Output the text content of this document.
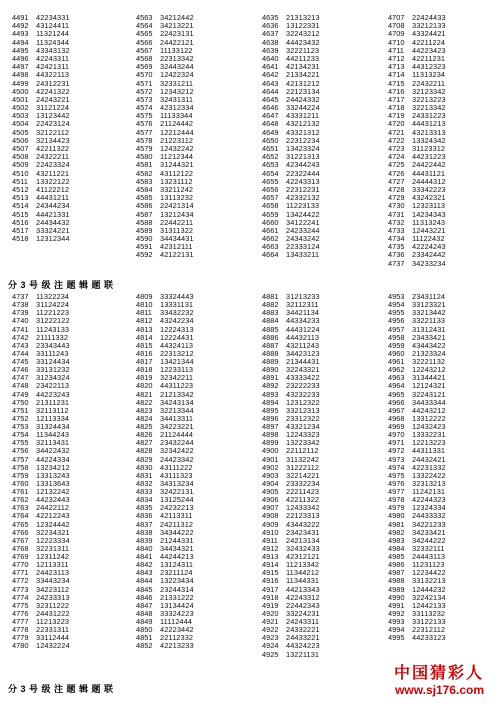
4491	42234331
4492	43124411
4493	11321244
4494	11324344
4495	43343132
4496	42243311
4497	42421311
4498	44322113
4499	24312231
4500	42241322
4501	24243221
4502	31121224
4503	13123442
4504	22423124
4505	32122112
4506	32134423
4507	42211322
4508	24322211
4509	22423324
4510	43211221
4511	13322122
4512	41122212
4513	44431211
4514	24344234
4515	44421331
4516	24434432
4517	33324221
4518	12312344
4563	34212442
4564	34213221
4565	22423131
4566	24422121
4567	11133122
4568	22313342
4569	32443244
4570	12422324
4571	32331211
4572	12343212
4573	32431311
4574	42312334
4575	11133344
4576	21124442
4577	12212444
4578	21223112
4579	12432242
4580	11212344
4581	31244321
4582	43112122
4583	13231112
4584	33211242
4585	13113232
4586	22421314
4587	13212434
4588	22442211
4589	31311322
4590	34434431
4591	42312111
4592	42122131
4635	21313213
4636	13122331
4637	32243212
4638	44423432
4639	32221123
4640	44211233
4641	42134231
4642	21334221
4643	42131212
4644	22123134
4645	24424332
4646	33244224
4647	43331211
4648	43212132
4649	43321312
4650	22312234
4651	13423324
4652	31221313
4653	42344243
4654	22322444
4655	42243313
4656	22312231
4657	42332132
4658	11223133
4659	13424422
4660	34122241
4661	24233244
4662	24343242
4663	22333124
4664	13433211
4707	22424433
4708	33212133
4709	43324421
4710	42211224
4711	44223423
4712	42211231
4713	44312323
4714	11313234
4715	22432211
4716	32123342
4717	32213223
4718	32213342
4719	24331223
4720	44431213
4721	43213313
4722	13324342
4723	31123312
4724	44231223
4725	24422442
4726	44431121
4727	24444312
4728	33342223
4729	43242321
4730	12323113
4731	14234343
4732	11313243
4733	12443221
4734	11122432
4735	42224243
4736	23342442
4737	34233234
分 3 号 级 注 题 辑 题 联
4737	11322234
4738	31124224
4739	11221223
4740	31222122
4741	11243133
4742	21111332
4743	23343443
4744	33111243
4745	33124434
4746	33131232
4747	31234324
4748	23422113
4749	44223243
4750	21311231
4751	32113112
4752	12113334
4753	31324434
4754	11344243
4755	32113431
4756	34422432
4757	44224334
4758	13234212
4759	13313243
4760	13313643
4761	12132242
4762	44232443
4763	24422112
4764	42212243
4765	12324442
4766	32234321
4767	12223334
4768	32231311
4769	12311242
4770	12113311
4771	24423113
4772	33443234
4773	34223112
4774	24233313
4775	32311222
4776	24431222
4777	11213223
4778	22331311
4779	33112444
4780	12432224
4809	33324443
4810	13331131
4811	33432232
4812	43242234
4813	12224313
4814	12224431
4815	44324113
4816	22313212
4817	13421344
4818	12233113
4819	32342211
4820	44311223
4821	21213342
4822	34243134
4823	32213344
4824	34413311
4825	34223221
4826	21124444
4827	23432244
4828	32342422
4829	24423342
4830	43111222
4831	43111323
4832	34313234
4833	32422131
4834	13125244
4835	24232213
4836	42113311
4837	24211312
4838	34344222
4839	21244331
4840	34434321
4841	44244213
4842	13124311
4843	23211124
4844	13223434
4845	23244314
4846	21331222
4847	13134424
4848	33324223
4849	11112444
4850	42223442
4851	22112332
4852	42213233
4881	31213233
4882	32112311
4883	34421134
4884	44334233
4885	44431224
4886	44432113
4887	43211243
4888	34423123
4889	21344431
4890	32243321
4891	43333422
4892	23222233
4893	43232233
4894	12312322
4895	33212313
4896	23312322
4897	43321234
4898	12243323
4899	13223342
4900	22112112
4901	31132242
4902	31222112
4903	32214221
4904	23332234
4905	22211423
4906	42211322
4907	12433342
4908	22123313
4909	43443222
4910	23423431
4911	24213134
4912	32432433
4913	42312121
4914	11213342
4915	11344212
4916	11344331
4917	44213343
4918	42243312
4919	22442343
4920	33224231
4921	24243311
4922	24332221
4923	24433221
4924	44324223
4925	13221131
4953	23431124
4954	33123321
4955	33213442
4956	33221133
4957	31312431
4958	23433421
4959	43443422
4960	21323324
4961	32221132
4962	12243212
4963	31344421
4964	12124321
4965	32243121
4966	34433344
4967	44243212
4968	13312222
4969	12432423
4970	13332231
4971	12213223
4972	44311331
4973	24432421
4974	42231332
4975	13322422
4976	32313213
4977	11242131
4978	42244323
4979	12324334
4980	24433332
4981	34221233
4982	34233421
4983	34244222
4984	32332111
4985	24443113
4986	11231123
4987	12234422
4988	33132213
4989	12444232
4990	32242134
4991	12442133
4992	33113232
4993	33122133
4994	22312112
4995	44233123
分 3 号 级 注 题 辑 题 联
中国猜彩人
www.sj176.com
